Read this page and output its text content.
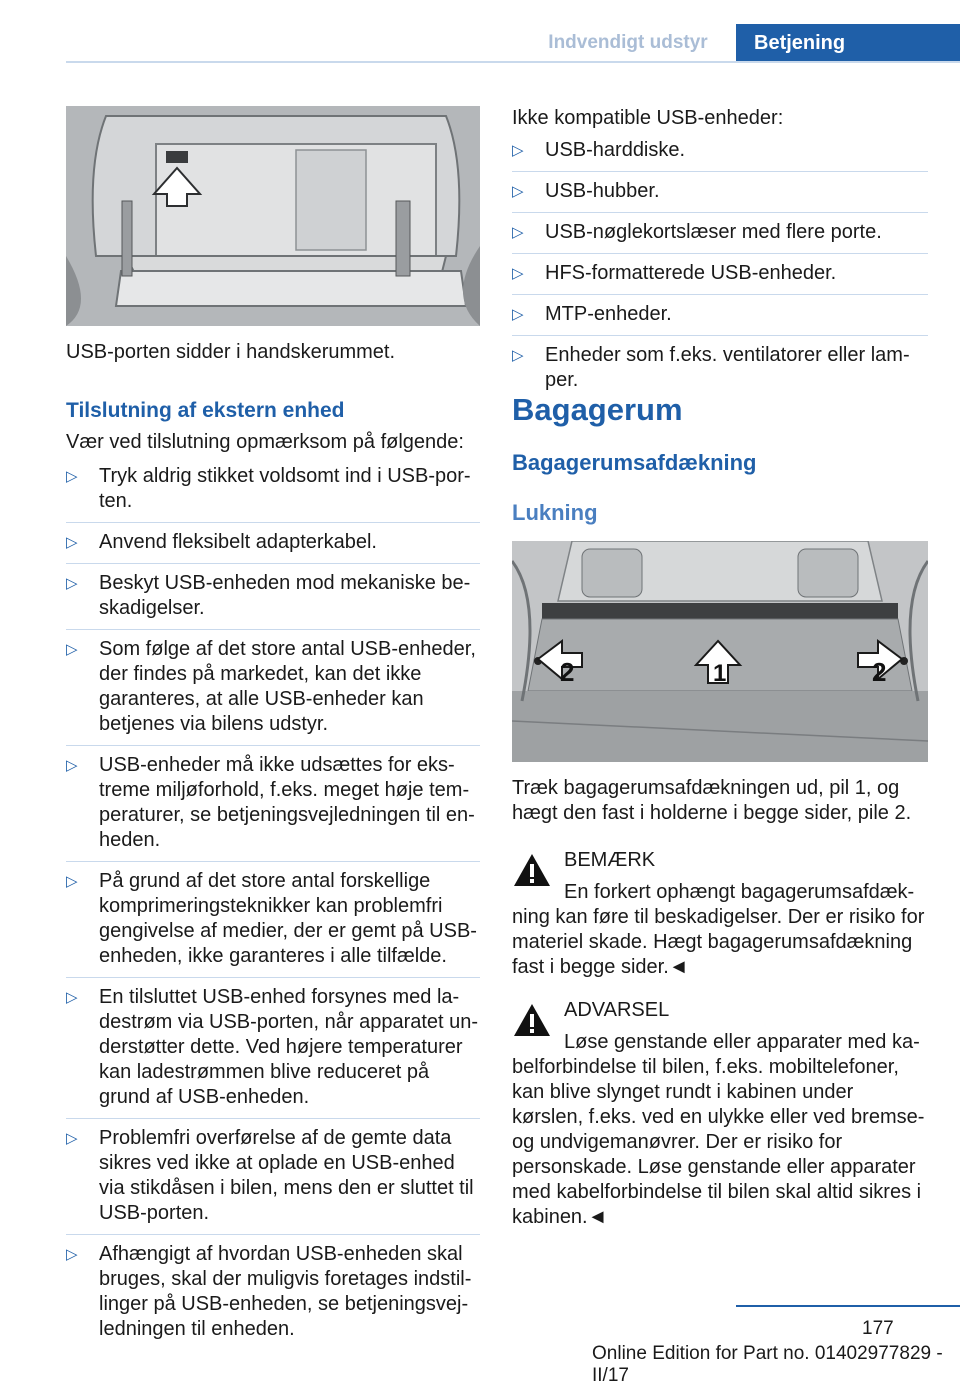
Indvendigt udstyr	Betjening

USB-porten sidder i handskerummet.

Tilslutning af ekstern enhed

Vær ved tilslutning opmærksom på følgende:

▷ Tryk aldrig stikket voldsomt ind i USB-porten.
▷ Anvend fleksibelt adapterkabel.
▷ Beskyt USB-enheden mod mekaniske beskadigelser.
▷ Som følge af det store antal USB-enheder, der findes på markedet, kan det ikke garanteres, at alle USB-enheder kan betjenes via bilens udstyr.
▷ USB-enheder må ikke udsættes for ekstreme miljøforhold, f.eks. meget høje temperaturer, se betjeningsvejledningen til enheden.
▷ På grund af det store antal forskellige komprimeringsteknikker kan problemfri gengivelse af medier, der er gemt på USB-enheden, ikke garanteres i alle tilfælde.
▷ En tilsluttet USB-enhed forsynes med ladestrøm via USB-porten, når apparatet understøtter dette. Ved højere temperaturer kan ladestrømmen blive reduceret på grund af USB-enheden.
▷ Problemfri overførelse af de gemte data sikres ved ikke at oplade en USB-enhed via stikdåsen i bilen, mens den er sluttet til USB-porten.
▷ Afhængigt af hvordan USB-enheden skal bruges, skal der muligvis foretages indstillinger på USB-enheden, se betjeningsvejledningen til enheden.

Ikke kompatible USB-enheder:

▷ USB-harddiske.
▷ USB-hubber.
▷ USB-nøglekortslæser med flere porte.
▷ HFS-formatterede USB-enheder.
▷ MTP-enheder.
▷ Enheder som f.eks. ventilatorer eller lamper.
Bagagerum
Bagagerumsafdækning
Lukning
2	1	2

Træk bagagerumsafdækningen ud, pil 1, og hægt den fast i holderne i begge sider, pile 2.

BEMÆRK

En forkert ophængt bagagerumsafdækning kan føre til beskadigelser. Der er risiko for materiel skade. Hægt bagagerumsafdækning fast i begge sider.◄

ADVARSEL

Løse genstande eller apparater med kabelforbindelse til bilen, f.eks. mobiltelefoner, kan blive slynget rundt i kabinen under kørslen, f.eks. ved en ulykke eller ved bremse- og undvigemanøvrer. Der er risiko for personskade. Løse genstande eller apparater med kabelforbindelse til bilen skal altid sikres i kabinen.◄

177
Online Edition for Part no. 01402977829 - II/17
